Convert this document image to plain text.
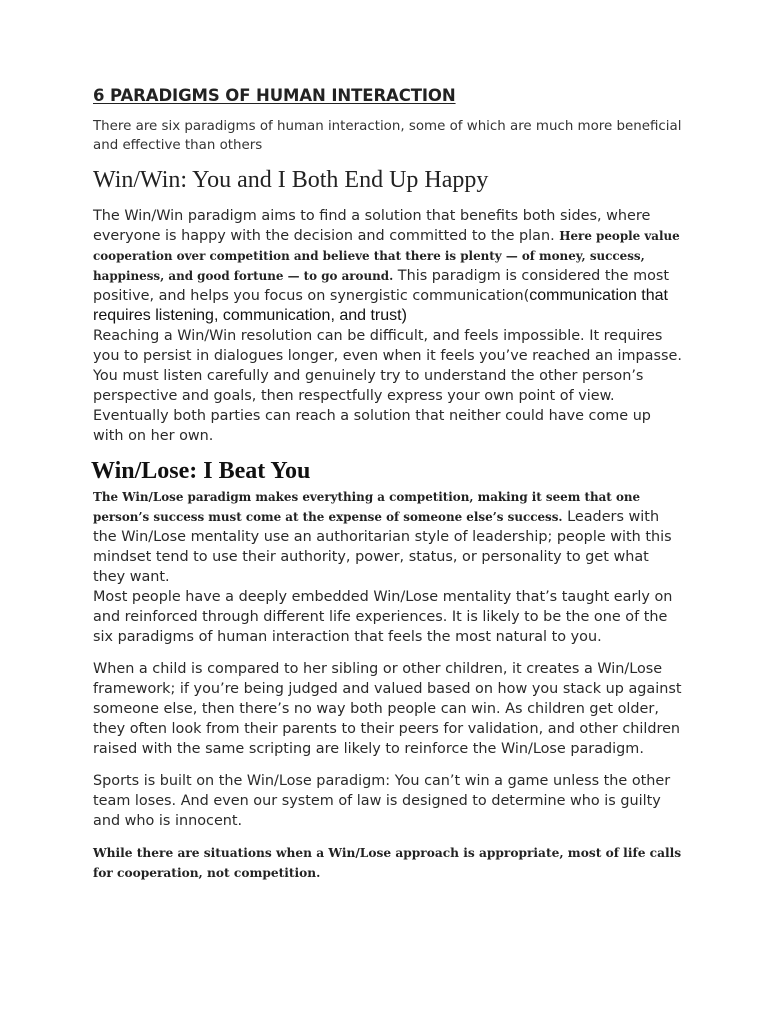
6 PARADIGMS OF HUMAN INTERACTION

There are six paradigms of human interaction, some of which are much more beneficial and effective than others

Win/Win: You and I Both End Up Happy

The Win/Win paradigm aims to find a solution that benefits both sides, where everyone is happy with the decision and committed to the plan. Here people value cooperation over competition and believe that there is plenty — of money, success, happiness, and good fortune — to go around. This paradigm is considered the most positive, and helps you focus on synergistic communication(communication that requires listening, communication, and trust)

Reaching a Win/Win resolution can be difficult, and feels impossible. It requires you to persist in dialogues longer, even when it feels you’ve reached an impasse. You must listen carefully and genuinely try to understand the other person’s perspective and goals, then respectfully express your own point of view. Eventually both parties can reach a solution that neither could have come up with on her own.

Win/Lose: I Beat You

The Win/Lose paradigm makes everything a competition, making it seem that one person’s success must come at the expense of someone else’s success. Leaders with the Win/Lose mentality use an authoritarian style of leadership; people with this mindset tend to use their authority, power, status, or personality to get what they want.

Most people have a deeply embedded Win/Lose mentality that’s taught early on and reinforced through different life experiences. It is likely to be the one of the six paradigms of human interaction that feels the most natural to you.

When a child is compared to her sibling or other children, it creates a Win/Lose framework; if you’re being judged and valued based on how you stack up against someone else, then there’s no way both people can win. As children get older, they often look from their parents to their peers for validation, and other children raised with the same scripting are likely to reinforce the Win/Lose paradigm.

Sports is built on the Win/Lose paradigm: You can’t win a game unless the other team loses. And even our system of law is designed to determine who is guilty and who is innocent.

While there are situations when a Win/Lose approach is appropriate, most of life calls for cooperation, not competition.
